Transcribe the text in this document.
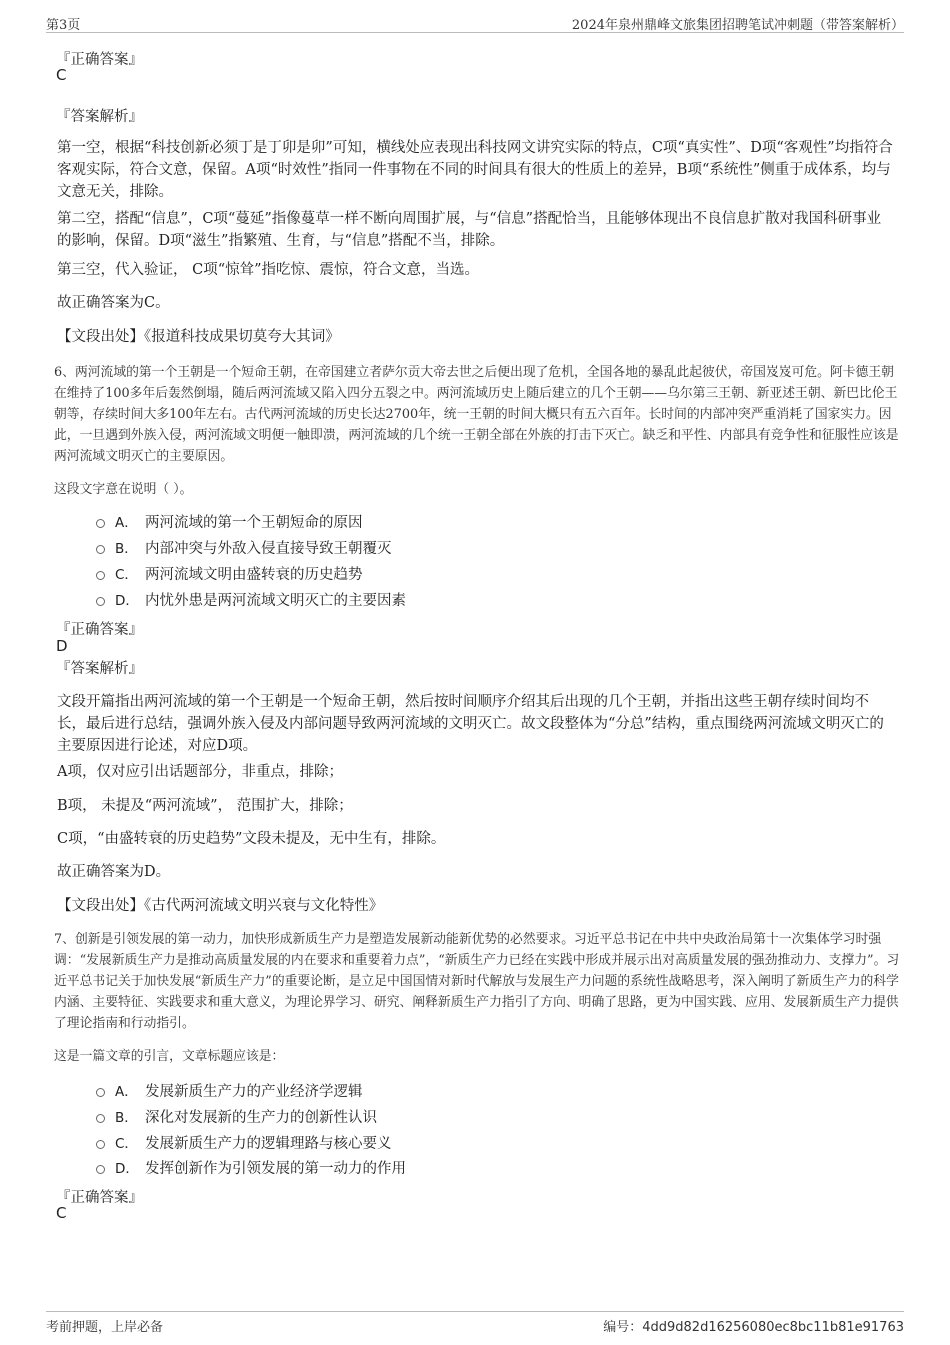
第3页	2024年泉州鼎峰文旅集团招聘笔试冲刺题（带答案解析）
『正确答案』
C
『答案解析』

第一空，根据“科技创新必须丁是丁卯是卯”可知，横线处应表现出科技网文讲究实际的特点，C项“真实性”、D项“客观性”均指符合客观实际，符合文意，保留。A项“时效性”指同一件事物在不同的时间具有很大的性质上的差异，B项“系统性”侧重于成体系，均与文意无关，排除。

第二空，搭配“信息”，C项“蔓延”指像蔓草一样不断向周围扩展，与“信息”搭配恰当，且能够体现出不良信息扩散对我国科研事业的影响，保留。D项“滋生”指繁殖、生育，与“信息”搭配不当，排除。

第三空，代入验证， C项“惊耸”指吃惊、震惊，符合文意，当选。

故正确答案为C。

【文段出处】《报道科技成果切莫夸大其词》

6、两河流域的第一个王朝是一个短命王朝，在帝国建立者萨尔贡大帝去世之后便出现了危机，全国各地的暴乱此起彼伏，帝国岌岌可危。阿卡德王朝在维持了100多年后轰然倒塌，随后两河流域又陷入四分五裂之中。两河流域历史上随后建立的几个王朝——乌尔第三王朝、新亚述王朝、新巴比伦王朝等，存续时间大多100年左右。古代两河流域的历史长达2700年，统一王朝的时间大概只有五六百年。长时间的内部冲突严重消耗了国家实力。因此，一旦遇到外族入侵，两河流域文明便一触即溃，两河流域的几个统一王朝全部在外族的打击下灭亡。缺乏和平性、内部具有竞争性和征服性应该是两河流域文明灭亡的主要原因。

这段文字意在说明（ ）。
A． 两河流域的第一个王朝短命的原因
B． 内部冲突与外敌入侵直接导致王朝覆灭
C． 两河流域文明由盛转衰的历史趋势
D． 内忧外患是两河流域文明灭亡的主要因素
『正确答案』
D
『答案解析』

文段开篇指出两河流域的第一个王朝是一个短命王朝，然后按时间顺序介绍其后出现的几个王朝，并指出这些王朝存续时间均不长，最后进行总结，强调外族入侵及内部问题导致两河流域的文明灭亡。故文段整体为“分总”结构，重点围绕两河流域文明灭亡的主要原因进行论述，对应D项。

A项，仅对应引出话题部分，非重点，排除；

B项， 未提及“两河流域”， 范围扩大，排除；

C项，“由盛转衰的历史趋势”文段未提及，无中生有，排除。

故正确答案为D。

【文段出处】《古代两河流域文明兴衰与文化特性》

7、创新是引领发展的第一动力，加快形成新质生产力是塑造发展新动能新优势的必然要求。习近平总书记在中共中央政治局第十一次集体学习时强调：“发展新质生产力是推动高质量发展的内在要求和重要着力点”，“新质生产力已经在实践中形成并展示出对高质量发展的强劲推动力、支撑力”。习近平总书记关于加快发展“新质生产力”的重要论断，是立足中国国情对新时代解放与发展生产力问题的系统性战略思考，深入阐明了新质生产力的科学内涵、主要特征、实践要求和重大意义，为理论界学习、研究、阐释新质生产力指引了方向、明确了思路，更为中国实践、应用、发展新质生产力提供了理论指南和行动指引。

这是一篇文章的引言，文章标题应该是：
A． 发展新质生产力的产业经济学逻辑
B． 深化对发展新的生产力的创新性认识
C． 发展新质生产力的逻辑理路与核心要义
D． 发挥创新作为引领发展的第一动力的作用
『正确答案』
C
考前押题，上岸必备	编号：4dd9d82d16256080ec8bc11b81e91763
